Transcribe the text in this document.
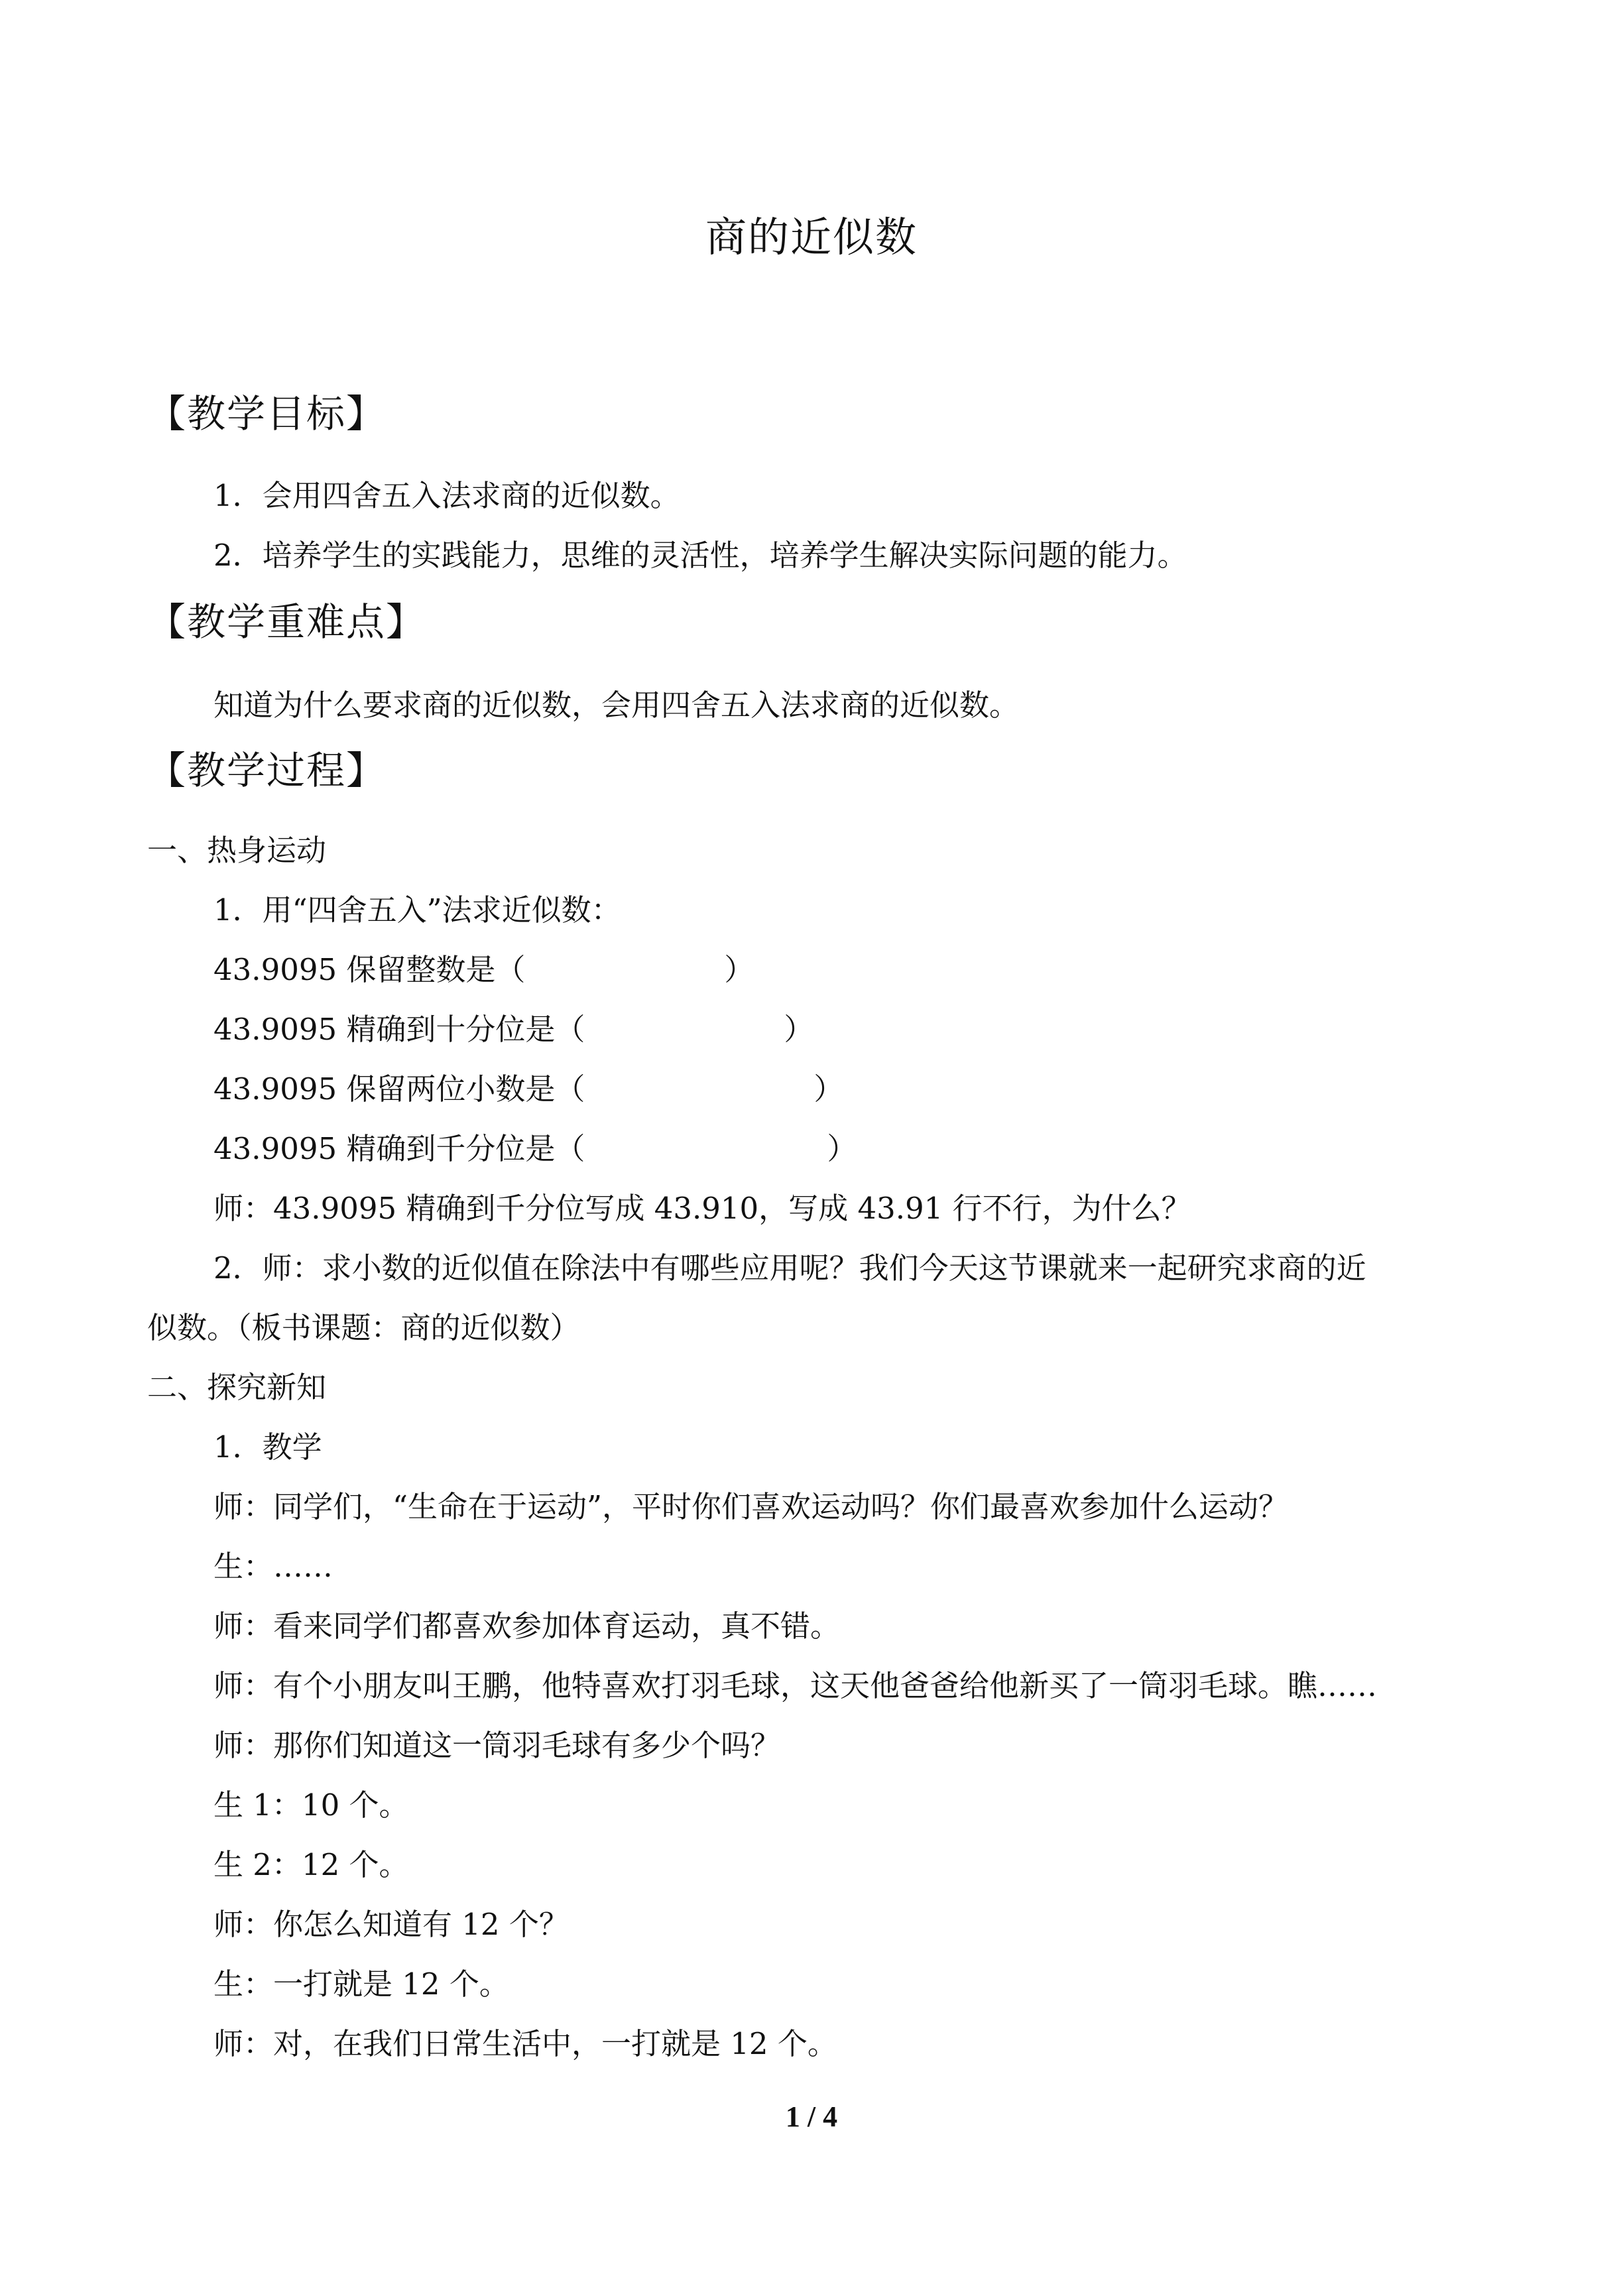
商的近似数
【教学目标】
1．会用四舍五入法求商的近似数。
2．培养学生的实践能力，思维的灵活性，培养学生解决实际问题的能力。
【教学重难点】
知道为什么要求商的近似数，会用四舍五入法求商的近似数。
【教学过程】
一、热身运动
1．用“四舍五入”法求近似数：
43.9095 保留整数是（	）
43.9095 精确到十分位是（	）
43.9095 保留两位小数是（	）
43.9095 精确到千分位是（	）
师：43.9095 精确到千分位写成 43.910，写成 43.91 行不行，为什么？
2．师：求小数的近似值在除法中有哪些应用呢？我们今天这节课就来一起研究求商的近
似数。（板书课题：商的近似数）
二、探究新知
1．教学
师：同学们，“生命在于运动”，平时你们喜欢运动吗？你们最喜欢参加什么运动？
生：……
师：看来同学们都喜欢参加体育运动，真不错。
师：有个小朋友叫王鹏，他特喜欢打羽毛球，这天他爸爸给他新买了一筒羽毛球。瞧……
师：那你们知道这一筒羽毛球有多少个吗？
生 1：10 个。
生 2：12 个。
师：你怎么知道有 12 个？
生：一打就是 12 个。
师：对，在我们日常生活中，一打就是 12 个。
1 / 4
